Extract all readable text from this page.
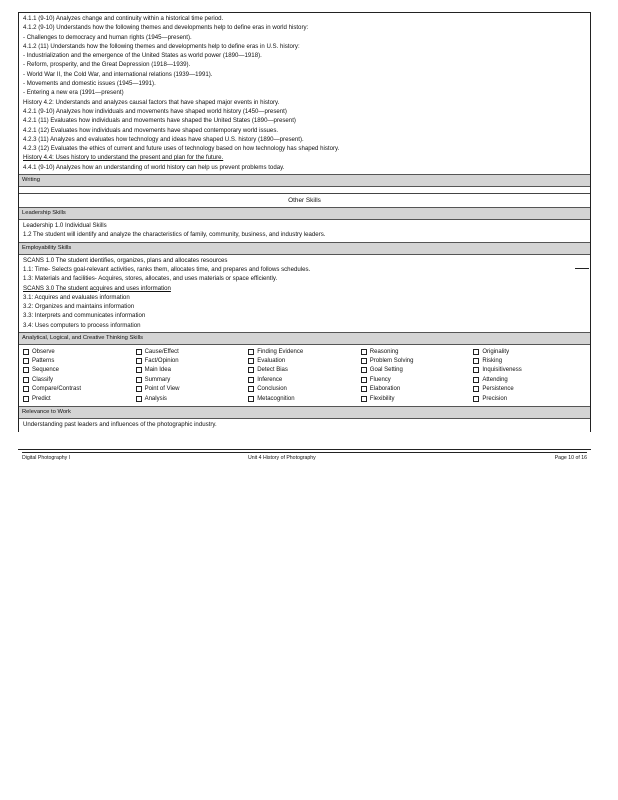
4.1.1 (9-10) Analyzes change and continuity within a historical time period.
4.1.2 (9-10) Understands how the following themes and developments help to define eras in world history:
- Challenges to democracy and human rights (1945—present).
4.1.2 (11) Understands how the following themes and developments help to define eras in U.S. history:
- Industrialization and the emergence of the United States as world power (1890—1918).
- Reform, prosperity, and the Great Depression (1918—1939).
- World War II, the Cold War, and international relations (1939—1991).
- Movements and domestic issues (1945—1991).
- Entering a new era (1991—present)
History 4.2: Understands and analyzes causal factors that have shaped major events in history.
4.2.1 (9-10) Analyzes how individuals and movements have shaped world history (1450—present)
4.2.1 (11) Evaluates how individuals and movements have shaped the United States (1890—present)
4.2.1 (12) Evaluates how individuals and movements have shaped contemporary world issues.
4.2.3 (11) Analyzes and evaluates how technology and ideas have shaped U.S. history (1890—present).
4.2.3 (12) Evaluates the ethics of current and future uses of technology based on how technology has shaped history.
History 4.4: Uses history to understand the present and plan for the future.
4.4.1 (9-10) Analyzes how an understanding of world history can help us prevent problems today.
Writing
Other Skills
Leadership Skills
Leadership 1.0 Individual Skills
1.2 The student will identify and analyze the characteristics of family, community, business, and industry leaders.
Employability Skills
SCANS 1.0 The student identifies, organizes, plans and allocates resources
1.1: Time- Selects goal-relevant activities, ranks them, allocates time, and prepares and follows schedules.
1.3: Materials and facilities- Acquires, stores, allocates, and uses materials or space efficiently.
SCANS 3.0 The student acquires and uses information
3.1: Acquires and evaluates information
3.2: Organizes and maintains information
3.3: Interprets and communicates information
3.4: Uses computers to process information
Analytical, Logical, and Creative Thinking Skills
Observe	Cause/Effect	Finding Evidence	Reasoning	Originality
Patterns	Fact/Opinion	Evaluation	Problem Solving	Risking
Sequence	Main Idea	Detect Bias	Goal Setting	Inquisitiveness
Classify	Summary	Inference	Fluency	Attending
Compare/Contrast	Point of View	Conclusion	Elaboration	Persistence
Predict	Analysis	Metacognition	Flexibility	Precision
Relevance to Work
Understanding past leaders and influences of the photographic industry.
Digital Photography I	Unit 4 History of Photography	Page 10 of 16
